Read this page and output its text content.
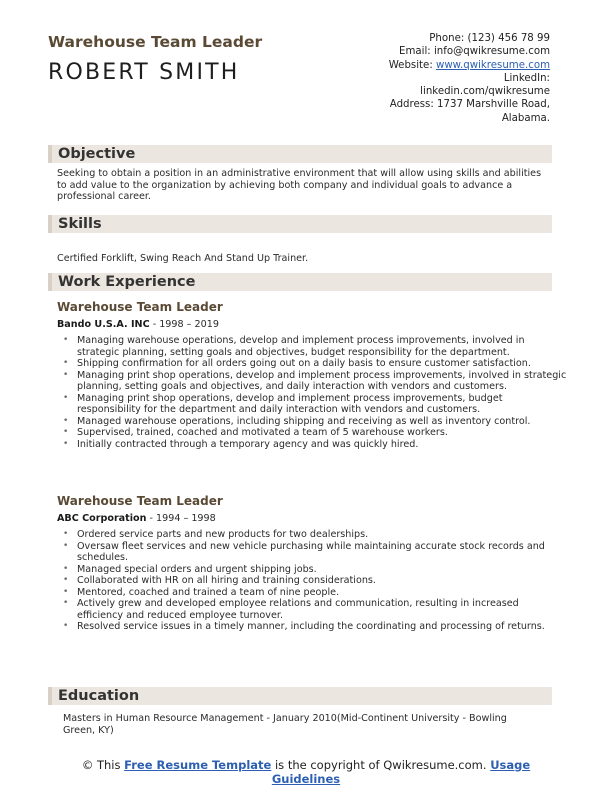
Warehouse Team Leader
ROBERT SMITH
Phone: (123) 456 78 99
Email: info@qwikresume.com
Website: www.qwikresume.com
LinkedIn:
linkedin.com/qwikresume
Address: 1737 Marshville Road,
Alabama.
Objective
Seeking to obtain a position in an administrative environment that will allow using skills and abilities to add value to the organization by achieving both company and individual goals to advance a professional career.
Skills
Certified Forklift, Swing Reach And Stand Up Trainer.
Work Experience
Warehouse Team Leader
Bando U.S.A. INC - 1998 – 2019
• Managing warehouse operations, develop and implement process improvements, involved in strategic planning, setting goals and objectives, budget responsibility for the department.
• Shipping confirmation for all orders going out on a daily basis to ensure customer satisfaction.
• Managing print shop operations, develop and implement process improvements, involved in strategic planning, setting goals and objectives, and daily interaction with vendors and customers.
• Managing print shop operations, develop and implement process improvements, budget responsibility for the department and daily interaction with vendors and customers.
• Managed warehouse operations, including shipping and receiving as well as inventory control.
• Supervised, trained, coached and motivated a team of 5 warehouse workers.
• Initially contracted through a temporary agency and was quickly hired.
Warehouse Team Leader
ABC Corporation - 1994 – 1998
• Ordered service parts and new products for two dealerships.
• Oversaw fleet services and new vehicle purchasing while maintaining accurate stock records and schedules.
• Managed special orders and urgent shipping jobs.
• Collaborated with HR on all hiring and training considerations.
• Mentored, coached and trained a team of nine people.
• Actively grew and developed employee relations and communication, resulting in increased efficiency and reduced employee turnover.
• Resolved service issues in a timely manner, including the coordinating and processing of returns.
Education
Masters in Human Resource Management - January 2010(Mid-Continent University - Bowling Green, KY)
© This Free Resume Template is the copyright of Qwikresume.com. Usage
Guidelines
